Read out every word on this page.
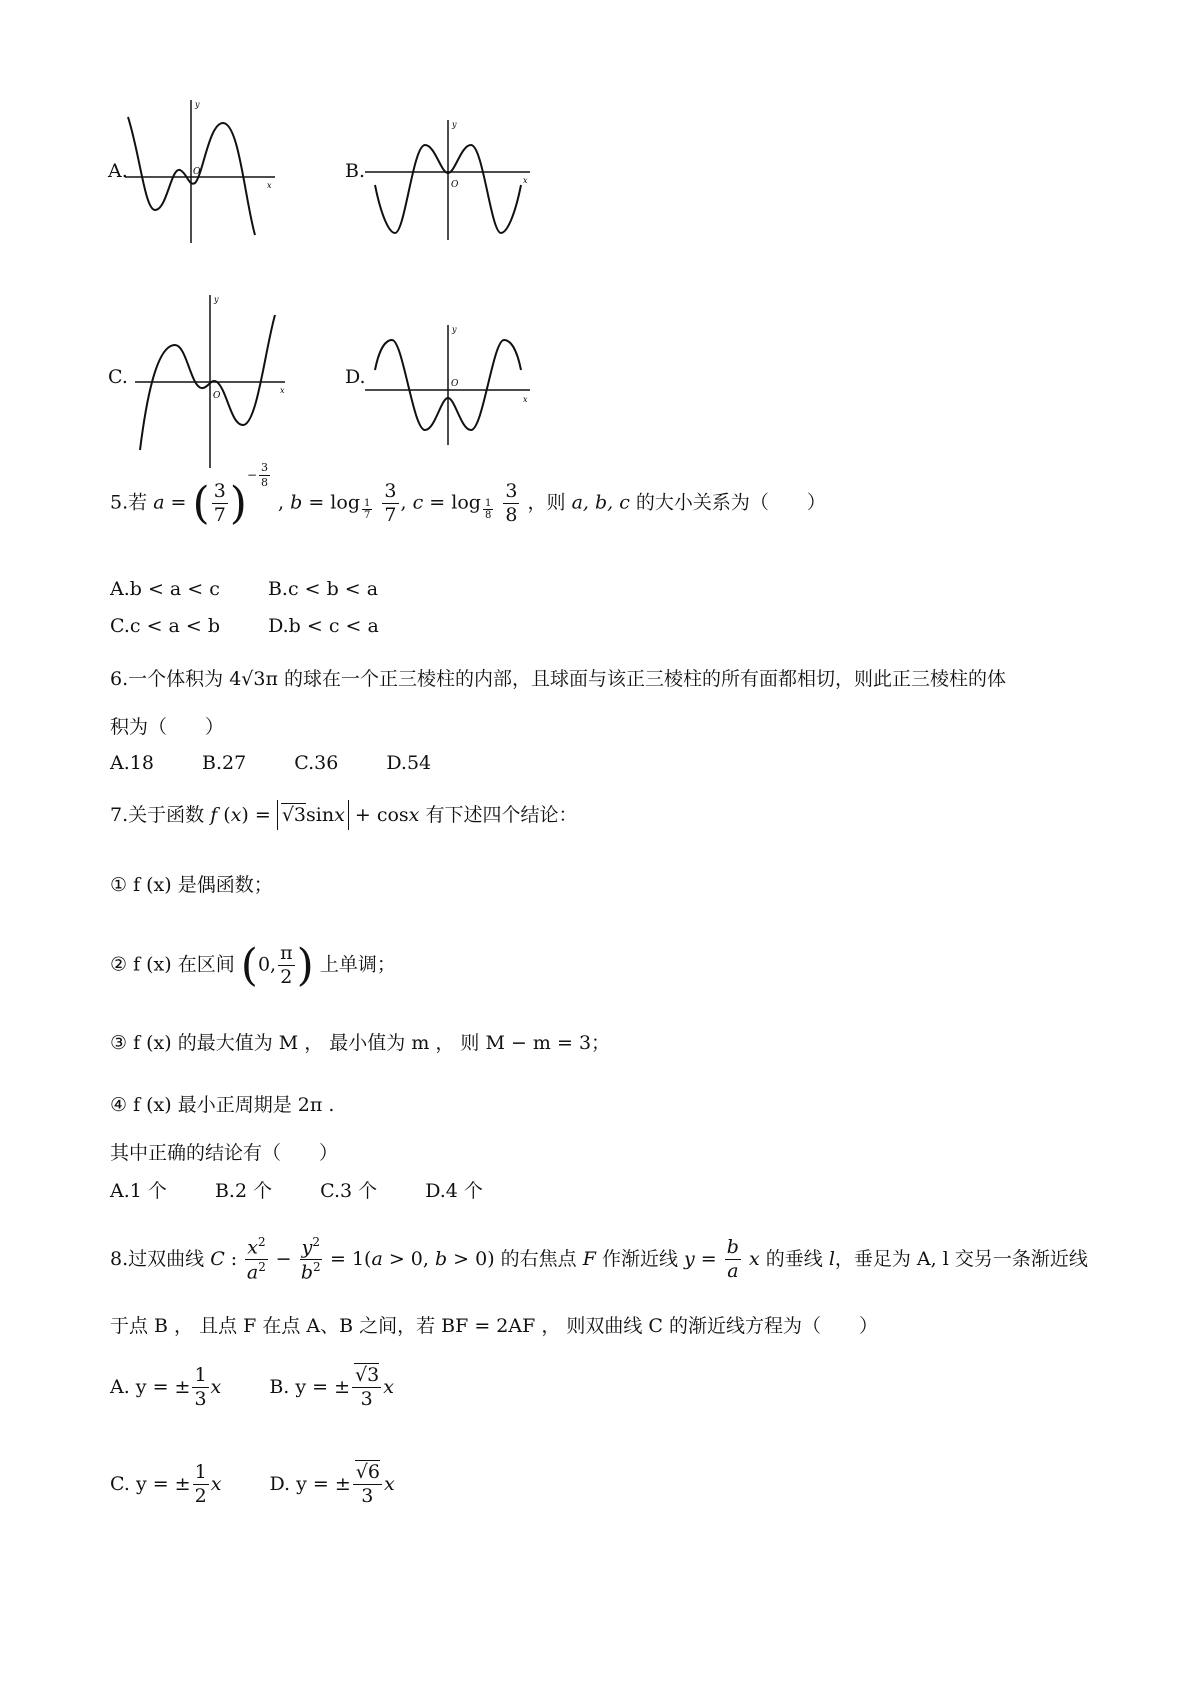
A.
y
x
O	B.
y
x
O
C.
y
x
O
D.
y
x
O
5.若 a = ( $\frac{3}{7} )^{- \frac{3}{8}}$
, b = log $_{\frac{1}{7}}$
$\frac{3}{7}$ , c = log $_{\frac{1}{8}}$
$\frac{3}{8}$ ，则 a, b, c 的大小关系为（　　）
A.b < a < c	B.c < b < a
C.c < a < b	D.b < c < a
6.一个体积为 4√3π 的球在一个正三棱柱的内部，且球面与该正三棱柱的所有面都相切，则此正三棱柱的体
积为（　　）
A.18	B.27	C.36	D.54
7.关于函数 f (x) = √3sinx + cosx 有下述四个结论：
① f (x) 是偶函数；
② f (x) 在区间 (0, $\frac{\pi}{2}$ ) 上单调；
③ f (x) 的最大值为 M ， 最小值为 m ， 则 M − m = 3；
④ f (x) 最小正周期是 2π .
其中正确的结论有（　　）
A.1 个	B.2 个	C.3 个	D.4 个
8.过双曲线 C : $\frac{x^2}{a^2} - \frac{y^2}{b^2} = 1(a > 0$, b > 0) 的右焦点 F 作渐近线 $y = \frac{b}{a}$ x 的垂线 l，垂足为 A, l 交另一条渐近线
于点 B ， 且点 F 在点 A、B 之间，若 BF = 2AF ， 则双曲线 C 的渐近线方程为（　　）
A. y = ± $\frac{1}{3}$ x	B. y = ± $\frac{√3}{3}$ x
C. y = ± $\frac{1}{2}$ x	D. y = ± $\frac{√6}{3}$ x
